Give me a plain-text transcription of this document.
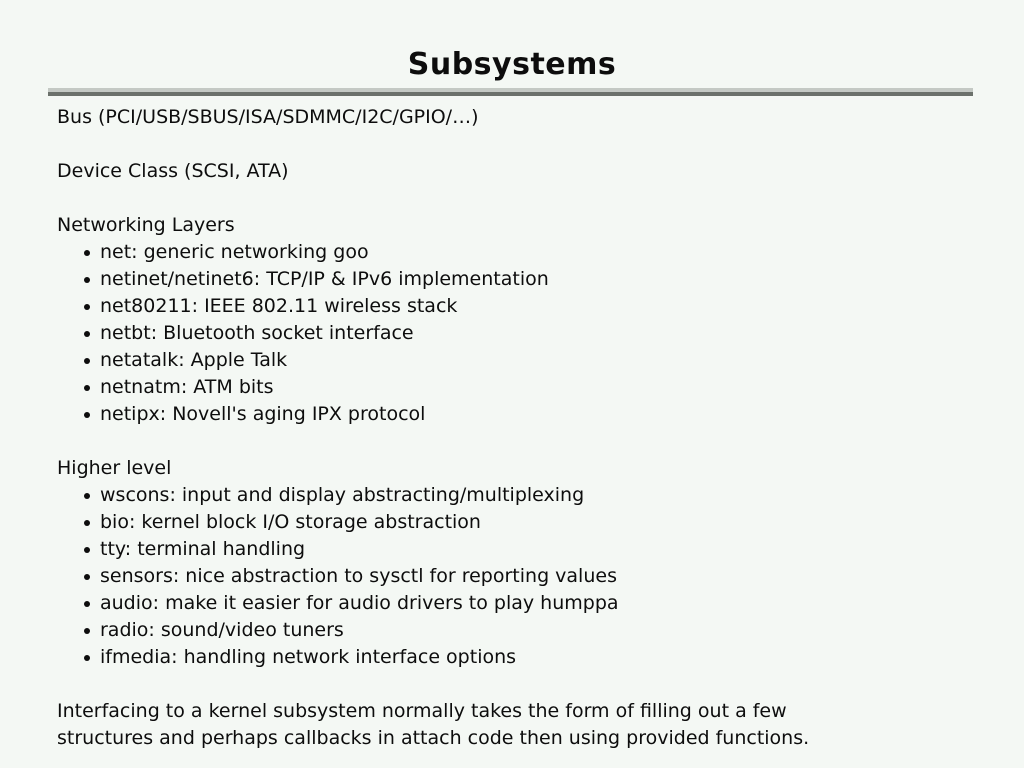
Subsystems
Bus (PCI/USB/SBUS/ISA/SDMMC/I2C/GPIO/…)
Device Class (SCSI, ATA)
Networking Layers
net: generic networking goo
netinet/netinet6: TCP/IP & IPv6 implementation
net80211: IEEE 802.11 wireless stack
netbt: Bluetooth socket interface
netatalk: Apple Talk
netnatm: ATM bits
netipx: Novell's aging IPX protocol
Higher level
wscons: input and display abstracting/multiplexing
bio: kernel block I/O storage abstraction
tty: terminal handling
sensors: nice abstraction to sysctl for reporting values
audio: make it easier for audio drivers to play humppa
radio: sound/video tuners
ifmedia: handling network interface options

Interfacing to a kernel subsystem normally takes the form of filling out a few structures and perhaps callbacks in attach code then using provided functions.
